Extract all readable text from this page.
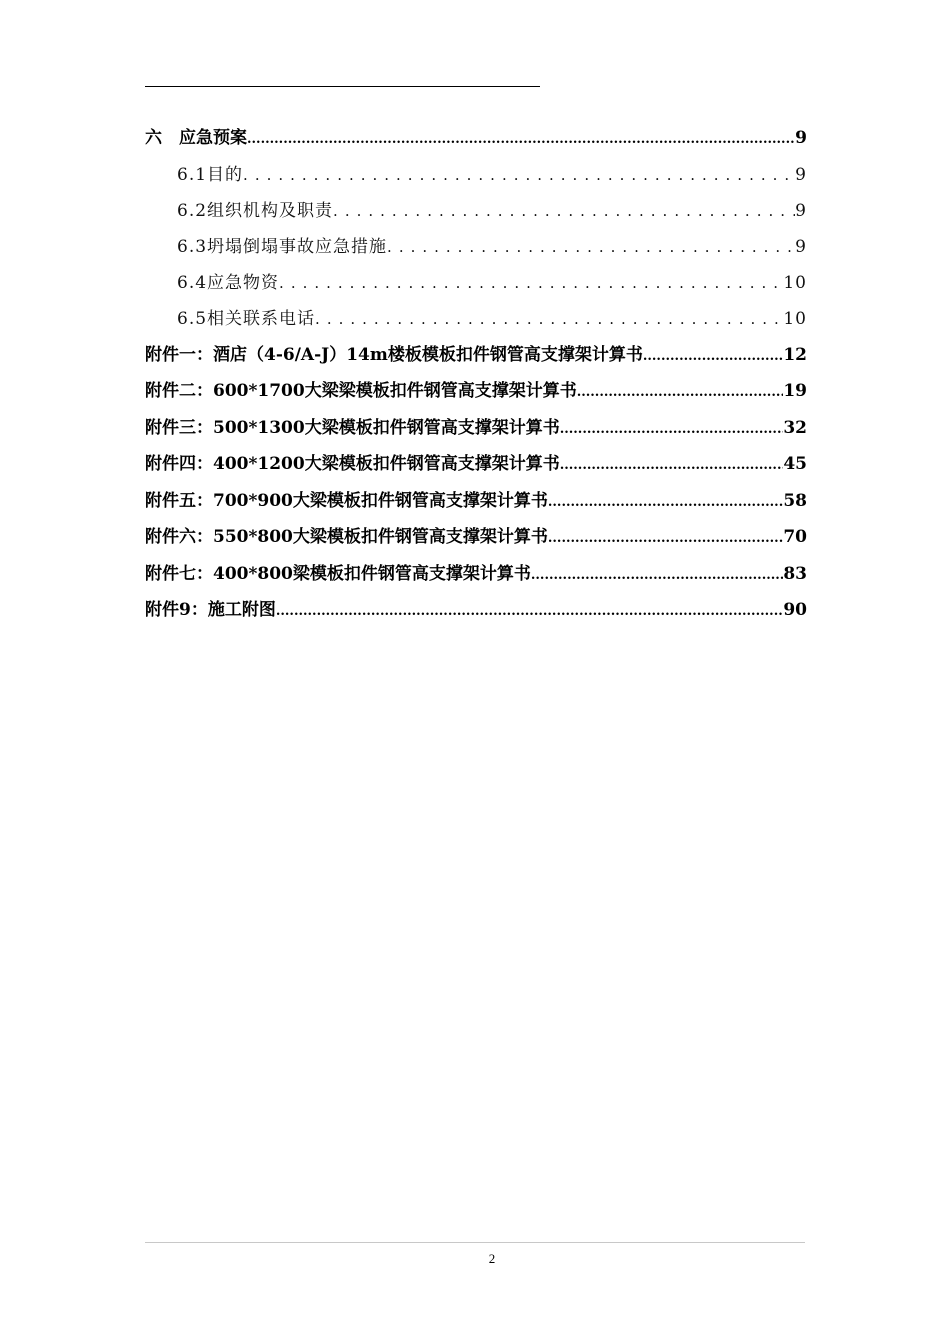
六　应急预案 .....	9
6.1目的 .....	9
6.2组织机构及职责 .....	9
6.3坍塌倒塌事故应急措施 .....	9
6.4应急物资 .....	10
6.5相关联系电话 .....	10
附件一：酒店（4-6/A-J）14m楼板模板扣件钢管高支撑架计算书 .....	12
附件二：600*1700大梁梁模板扣件钢管高支撑架计算书 .....	19
附件三：500*1300大梁模板扣件钢管高支撑架计算书 .....	32
附件四：400*1200大梁模板扣件钢管高支撑架计算书 .....	45
附件五：700*900大梁模板扣件钢管高支撑架计算书 .....	58
附件六：550*800大梁模板扣件钢管高支撑架计算书 .....	70
附件七：400*800梁模板扣件钢管高支撑架计算书 .....	83
附件9：施工附图 .....	90
2
